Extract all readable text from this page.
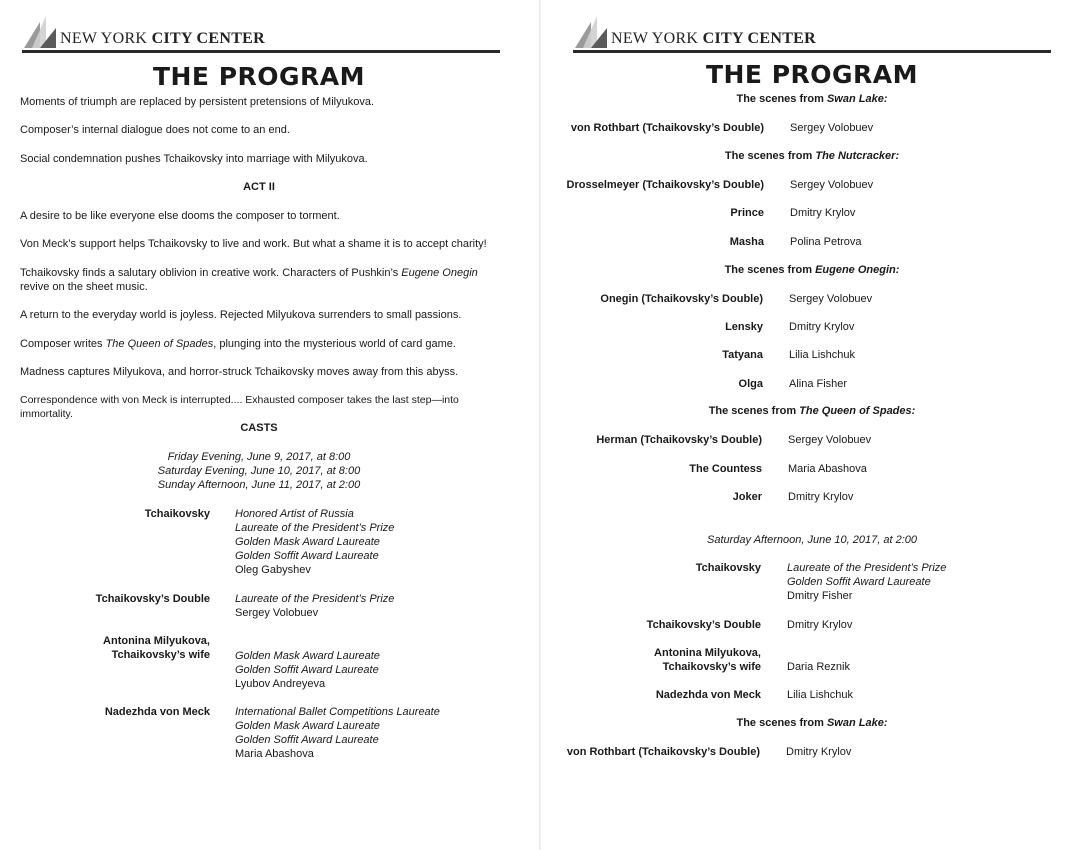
NEW YORK CITY CENTER
THE PROGRAM

Moments of triumph are replaced by persistent pretensions of Milyukova.

Composer’s internal dialogue does not come to an end.

Social condemnation pushes Tchaikovsky into marriage with Milyukova.

ACT II

A desire to be like everyone else dooms the composer to torment.

Von Meck’s support helps Tchaikovsky to live and work. But what a shame it is to accept charity!

Tchaikovsky finds a salutary oblivion in creative work. Characters of Pushkin’s Eugene Onegin revive on the sheet music.

A return to the everyday world is joyless. Rejected Milyukova surrenders to small passions.

Composer writes The Queen of Spades, plunging into the mysterious world of card game.

Madness captures Milyukova, and horror-struck Tchaikovsky moves away from this abyss.

Correspondence with von Meck is interrupted.... Exhausted composer takes the last step—into immortality.

CASTS

Friday Evening, June 9, 2017, at 8:00
Saturday Evening, June 10, 2017, at 8:00
Sunday Afternoon, June 11, 2017, at 2:00
Tchaikovsky Honored Artist of Russia
Laureate of the President’s Prize
Golden Mask Award Laureate
Golden Soffit Award Laureate
Oleg Gabyshev
Tchaikovsky’s Double Laureate of the President’s Prize
Sergey Volobuev
Antonina Milyukova,
Tchaikovsky’s wife Golden Mask Award Laureate
Golden Soffit Award Laureate
Lyubov Andreyeva
Nadezhda von Meck International Ballet Competitions Laureate
Golden Mask Award Laureate
Golden Soffit Award Laureate
Maria Abashova
NEW YORK CITY CENTER
THE PROGRAM

The scenes from Swan Lake:

von Rothbart (Tchaikovsky’s Double) Sergey Volobuev

The scenes from The Nutcracker:

Drosselmeyer (Tchaikovsky’s Double) Sergey Volobuev
Prince Dmitry Krylov
Masha Polina Petrova

The scenes from Eugene Onegin:

Onegin (Tchaikovsky’s Double) Sergey Volobuev
Lensky Dmitry Krylov
Tatyana Lilia Lishchuk
Olga Alina Fisher

The scenes from The Queen of Spades:

Herman (Tchaikovsky’s Double) Sergey Volobuev
The Countess Maria Abashova
Joker Dmitry Krylov

Saturday Afternoon, June 10, 2017, at 2:00

Tchaikovsky Laureate of the President’s Prize
Golden Soffit Award Laureate
Dmitry Fisher
Tchaikovsky’s Double Dmitry Krylov
Antonina Milyukova,
Tchaikovsky’s wife Daria Reznik
Nadezhda von Meck Lilia Lishchuk

The scenes from Swan Lake:

von Rothbart (Tchaikovsky’s Double) Dmitry Krylov
